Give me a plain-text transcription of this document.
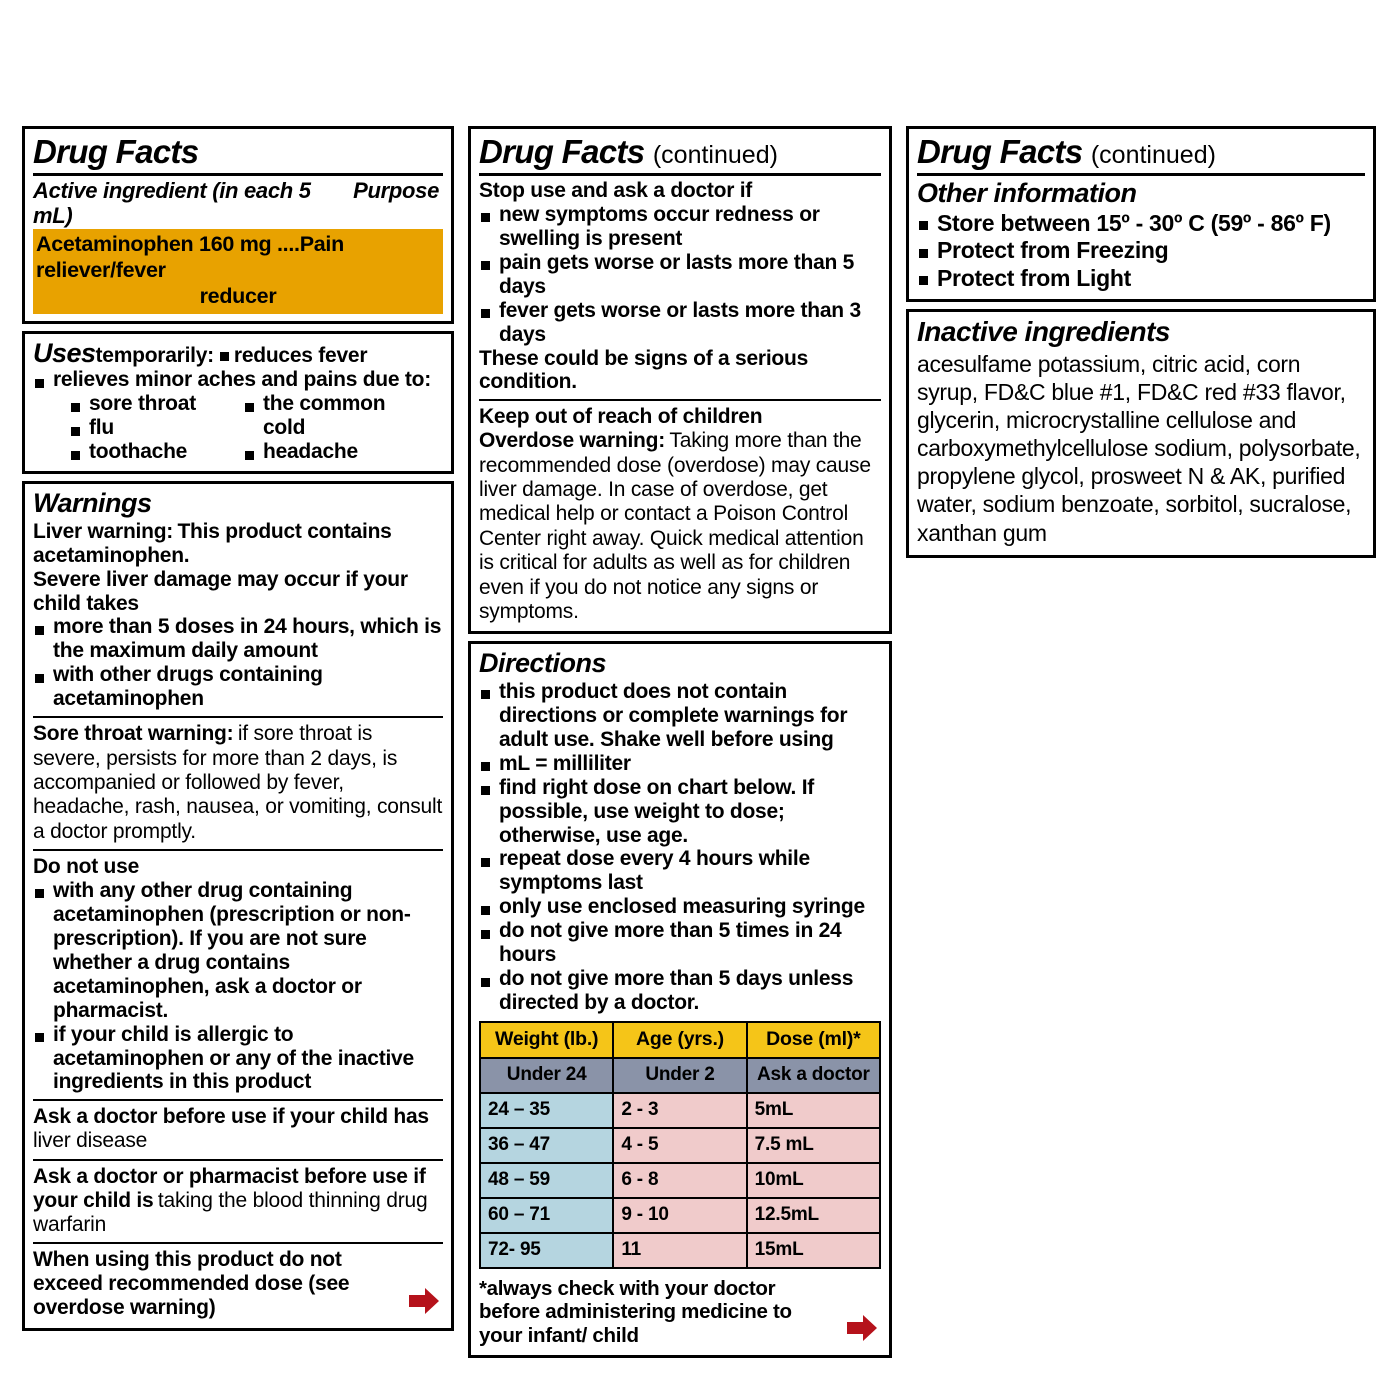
Drug Facts
Active ingredient (in each 5 mL)
Purpose
Acetaminophen 160 mg ....Pain reliever/fever
reducer
Usestemporarily: reduces fever
relieves minor aches and pains due to:
sore throat
flu
toothache
the common cold
headache
Warnings
Liver warning: This product contains acetaminophen.
Severe liver damage may occur if your child takes
more than 5 doses in 24 hours, which is the maximum daily amount
with other drugs containing acetaminophen
Sore throat warning: if sore throat is severe, persists for more than 2 days, is accompanied or followed by fever, headache, rash, nausea, or vomiting, consult a doctor promptly.
Do not use
with any other drug containing acetaminophen (prescription or non-prescription). If you are not sure whether a drug contains acetaminophen, ask a doctor or pharmacist.
if your child is allergic to acetaminophen or any of the inactive ingredients in this product
Ask a doctor before use if your child has
liver disease
Ask a doctor or pharmacist before use if your child is taking the blood thinning drug warfarin
When using this product do not exceed recommended dose (see overdose warning)
Drug Facts (continued)
Stop use and ask a doctor if
new symptoms occur redness or swelling is present
pain gets worse or lasts more than 5 days
fever gets worse or lasts more than 3 days
These could be signs of a serious condition.
Keep out of reach of children
Overdose warning: Taking more than the recommended dose (overdose) may cause liver damage. In case of overdose, get medical help or contact a Poison Control Center right away. Quick medical attention is critical for adults as well as for children even if you do not notice any signs or symptoms.
Directions
this product does not contain directions or complete warnings for adult use. Shake well before using
mL = milliliter
find right dose on chart below. If possible, use weight to dose; otherwise, use age.
repeat dose every 4 hours while symptoms last
only use enclosed measuring syringe
do not give more than 5 times in 24 hours
do not give more than 5 days unless directed by a doctor.
Weight (lb.)	Age (yrs.)	Dose (ml)*
Under 24	Under 2	Ask a doctor
24 – 35	2 - 3	5mL
36 – 47	4 - 5	7.5 mL
48 – 59	6 - 8	10mL
60 – 71	9 - 10	12.5mL
72- 95	11	15mL
*always check with your doctor before administering medicine to your infant/ child
Drug Facts (continued)
Other information
Store between 15º - 30º C (59º - 86º F)
Protect from Freezing
Protect from Light
Inactive ingredients
acesulfame potassium, citric acid, corn syrup, FD&C blue #1, FD&C red #33 flavor, glycerin, microcrystalline cellulose and carboxymethylcellulose sodium, polysorbate, propylene glycol, prosweet N & AK, purified water, sodium benzoate, sorbitol, sucralose, xanthan gum
